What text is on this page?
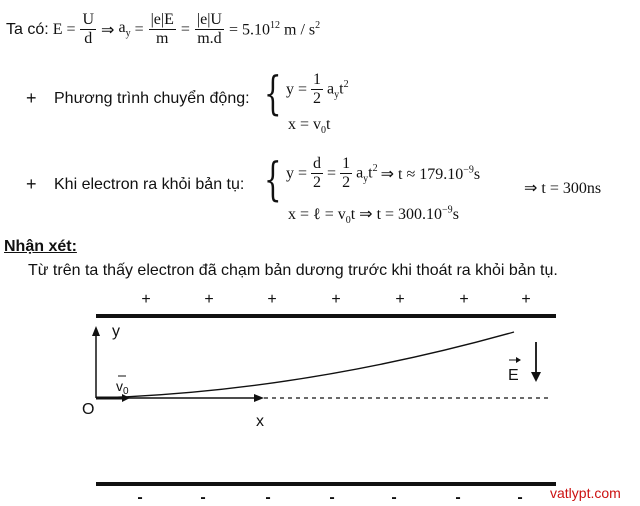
Ta có: $E = \frac{U}{d}$ ⇒ $a_y = \frac{|e|E}{m} = \frac{|e|U}{m.d} = 5.10^{12}$ m / $s^2$
+ Phương trình chuyển động: { $y = \frac{1}{2} a_yt^2$
$x = v_0t$
+ Khi electron ra khỏi bản tụ: { $y = \frac{d}{2} = \frac{1}{2} a_yt^2$ ⇒ $t \approx 179.10^{-9}s$
x = ℓ = $v_0t$ ⇒ $t = 300.10^{-9}s$
⇒ t = 300ns
Nhận xét:
Từ trên ta thấy electron đã chạm bản dương trước khi thoát ra khỏi bản tụ.
+	+	+	+	+	+	+
-	-	-	-	-	-	-
y
x
O
$v_0$
E
vatlypt.com
